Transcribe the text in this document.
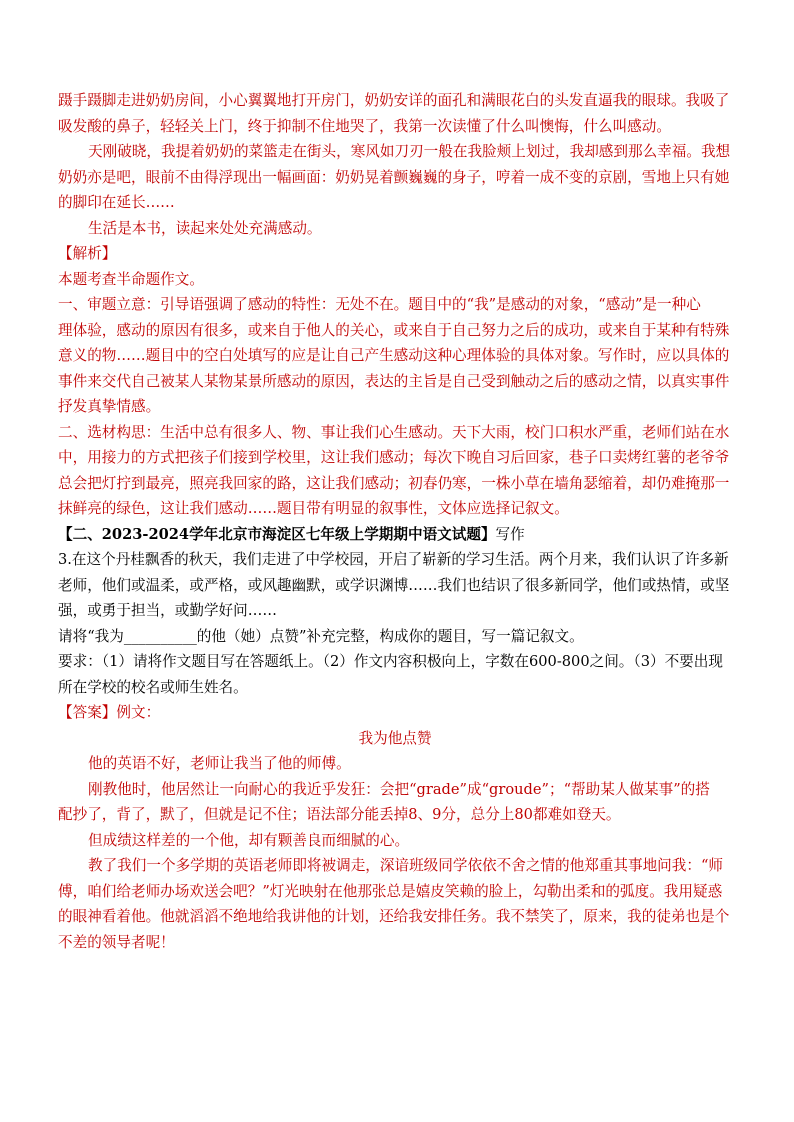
蹑手蹑脚走进奶奶房间，小心翼翼地打开房门，奶奶安详的面孔和满眼花白的头发直逼我的眼球。我吸了
吸发酸的鼻子，轻轻关上门，终于抑制不住地哭了，我第一次读懂了什么叫懊悔，什么叫感动。
天刚破晓，我提着奶奶的菜篮走在街头，寒风如刀刃一般在我脸颊上划过，我却感到那么幸福。我想
奶奶亦是吧，眼前不由得浮现出一幅画面：奶奶晃着颤巍巍的身子，哼着一成不变的京剧，雪地上只有她
的脚印在延长……
生活是本书，读起来处处充满感动。
【解析】
本题考查半命题作文。
一、审题立意：引导语强调了感动的特性：无处不在。题目中的“我”是感动的对象，“感动”是一种心
理体验，感动的原因有很多，或来自于他人的关心，或来自于自己努力之后的成功，或来自于某种有特殊
意义的物……题目中的空白处填写的应是让自己产生感动这种心理体验的具体对象。写作时，应以具体的
事件来交代自己被某人某物某景所感动的原因，表达的主旨是自己受到触动之后的感动之情，以真实事件
抒发真挚情感。
二、选材构思：生活中总有很多人、物、事让我们心生感动。天下大雨，校门口积水严重，老师们站在水
中，用接力的方式把孩子们接到学校里，这让我们感动；每次下晚自习后回家，巷子口卖烤红薯的老爷爷
总会把灯拧到最亮，照亮我回家的路，这让我们感动；初春仍寒，一株小草在墙角瑟缩着，却仍难掩那一
抹鲜亮的绿色，这让我们感动……题目带有明显的叙事性，文体应选择记叙文。
【二、2023-2024学年北京市海淀区七年级上学期期中语文试题】写作
3.在这个丹桂飘香的秋天，我们走进了中学校园，开启了崭新的学习生活。两个月来，我们认识了许多新
老师，他们或温柔，或严格，或风趣幽默，或学识渊博……我们也结识了很多新同学，他们或热情，或坚
强，或勇于担当，或勤学好问……
请将“我为__________的他（她）点赞”补充完整，构成你的题目，写一篇记叙文。
要求：（1）请将作文题目写在答题纸上。（2）作文内容积极向上，字数在600-800之间。（3）不要出现
所在学校的校名或师生姓名。
【答案】例文：
我为他点赞
他的英语不好，老师让我当了他的师傅。
刚教他时，他居然让一向耐心的我近乎发狂：会把“grade”成“groude”；“帮助某人做某事”的搭
配抄了，背了，默了，但就是记不住；语法部分能丢掉8、9分，总分上80都难如登天。
但成绩这样差的一个他，却有颗善良而细腻的心。
教了我们一个多学期的英语老师即将被调走，深谙班级同学依依不舍之情的他郑重其事地问我：“师
傅，咱们给老师办场欢送会吧？”灯光映射在他那张总是嬉皮笑赖的脸上，勾勒出柔和的弧度。我用疑惑
的眼神看着他。他就滔滔不绝地给我讲他的计划，还给我安排任务。我不禁笑了，原来，我的徒弟也是个
不差的领导者呢！
